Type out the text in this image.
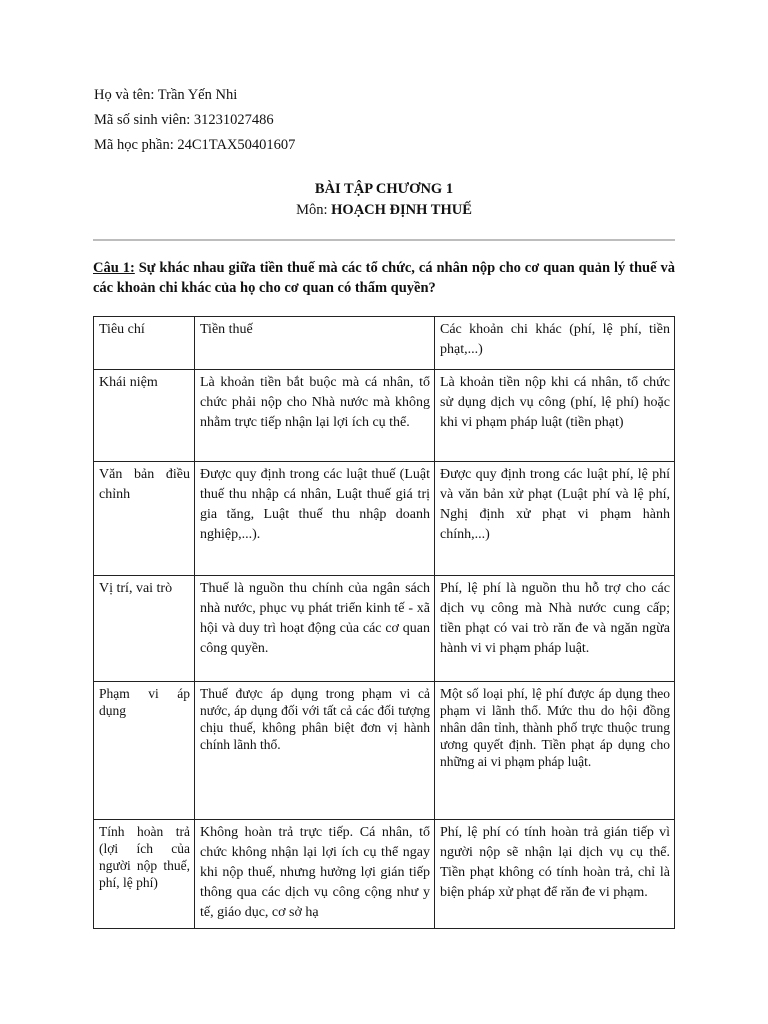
Họ và tên: Trần Yến Nhi
Mã số sinh viên: 31231027486
Mã học phần: 24C1TAX50401607
BÀI TẬP CHƯƠNG 1
Môn: HOẠCH ĐỊNH THUẾ
Câu 1: Sự khác nhau giữa tiền thuế mà các tổ chức, cá nhân nộp cho cơ quan quản lý thuế và các khoản chi khác của họ cho cơ quan có thẩm quyền?
Tiêu chí	Tiền thuế	Các khoản chi khác (phí, lệ phí, tiền phạt,...)
Khái niệm	Là khoản tiền bắt buộc mà cá nhân, tổ chức phải nộp cho Nhà nước mà không nhằm trực tiếp nhận lại lợi ích cụ thể.	Là khoản tiền nộp khi cá nhân, tổ chức sử dụng dịch vụ công (phí, lệ phí) hoặc khi vi phạm pháp luật (tiền phạt)
Văn bản điều chỉnh	Được quy định trong các luật thuế (Luật thuế thu nhập cá nhân, Luật thuế giá trị gia tăng, Luật thuế thu nhập doanh nghiệp,...).	Được quy định trong các luật phí, lệ phí và văn bản xử phạt (Luật phí và lệ phí, Nghị định xử phạt vi phạm hành chính,...)
Vị trí, vai trò	Thuế là nguồn thu chính của ngân sách nhà nước, phục vụ phát triển kinh tế - xã hội và duy trì hoạt động của các cơ quan công quyền.	Phí, lệ phí là nguồn thu hỗ trợ cho các dịch vụ công mà Nhà nước cung cấp; tiền phạt có vai trò răn đe và ngăn ngừa hành vi vi phạm pháp luật.
Phạm vi áp dụng	Thuế được áp dụng trong phạm vi cả nước, áp dụng đối với tất cả các đối tượng chịu thuế, không phân biệt đơn vị hành chính lãnh thổ.	Một số loại phí, lệ phí được áp dụng theo phạm vi lãnh thổ. Mức thu do hội đồng nhân dân tỉnh, thành phố trực thuộc trung ương quyết định. Tiền phạt áp dụng cho những ai vi phạm pháp luật.
Tính hoàn trả (lợi ích của người nộp thuế, phí, lệ phí)	Không hoàn trả trực tiếp. Cá nhân, tổ chức không nhận lại lợi ích cụ thể ngay khi nộp thuế, nhưng hưởng lợi gián tiếp thông qua các dịch vụ công cộng như y tế, giáo dục, cơ sở hạ	Phí, lệ phí có tính hoàn trả gián tiếp vì người nộp sẽ nhận lại dịch vụ cụ thể. Tiền phạt không có tính hoàn trả, chỉ là biện pháp xử phạt để răn đe vi phạm.
